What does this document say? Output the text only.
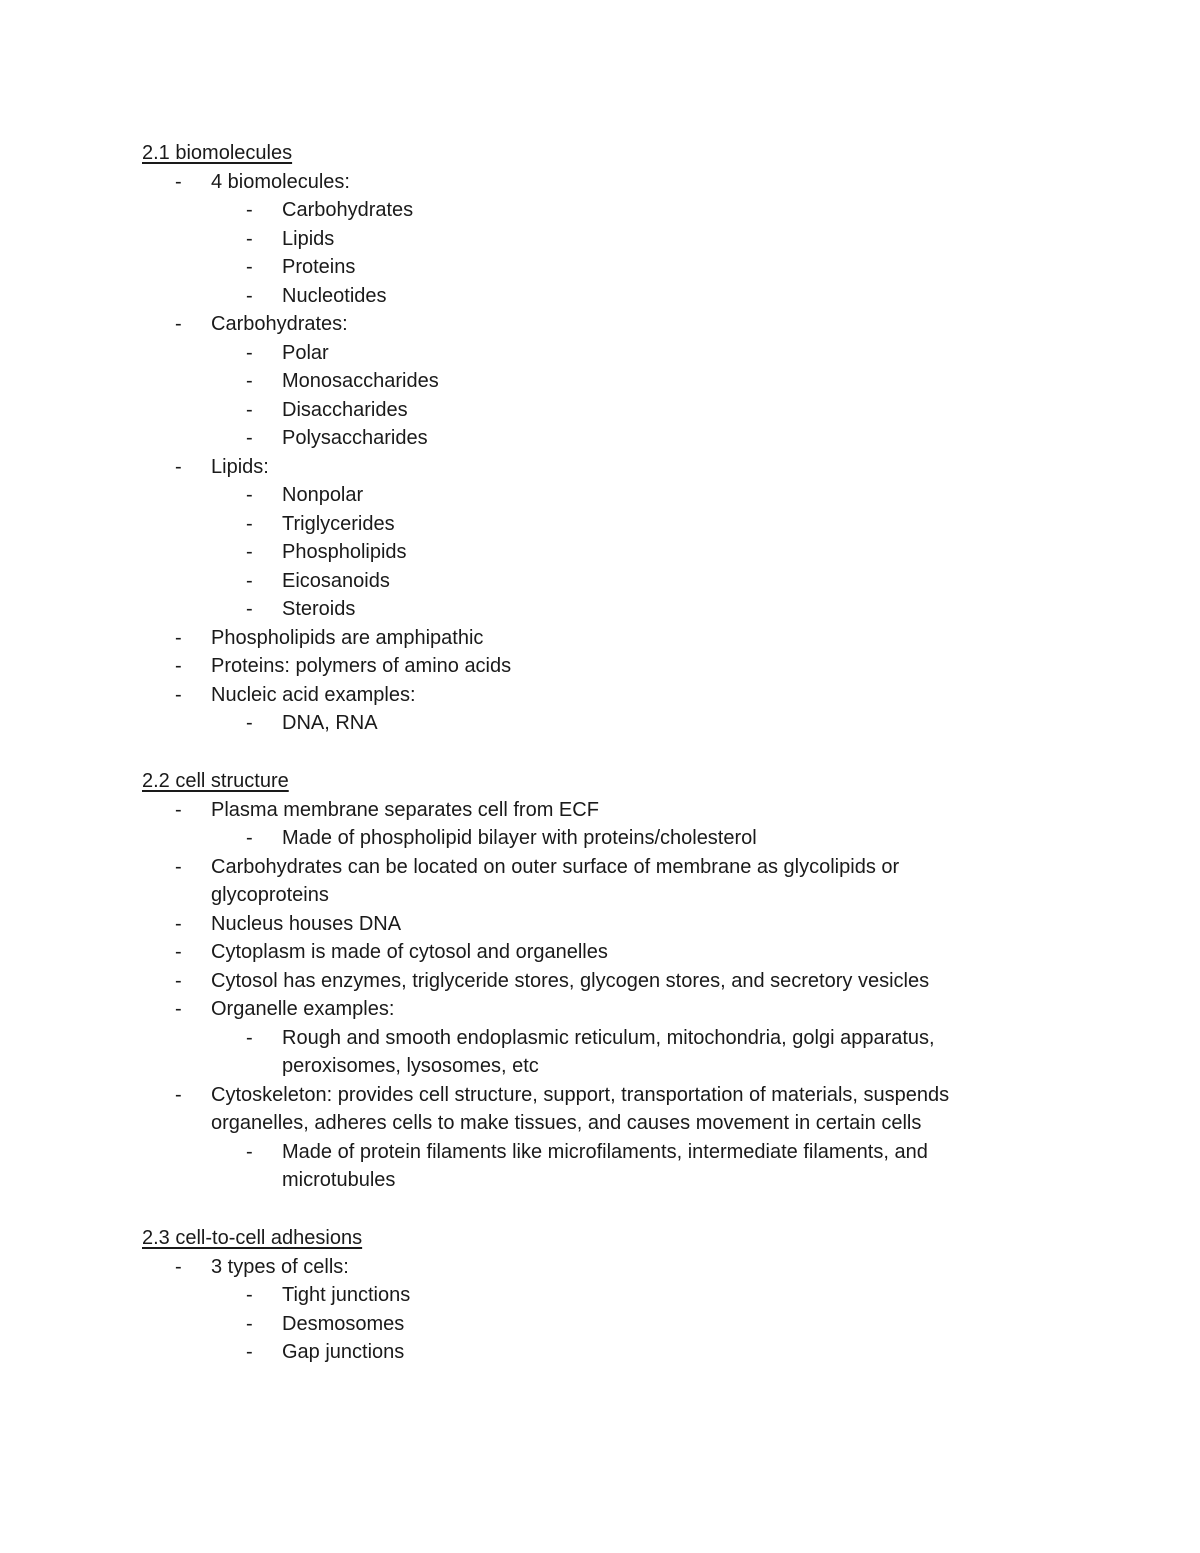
2.1 biomolecules
-	4 biomolecules:
-	Carbohydrates
-	Lipids
-	Proteins
-	Nucleotides
-	Carbohydrates:
-	Polar
-	Monosaccharides
-	Disaccharides
-	Polysaccharides
-	Lipids:
-	Nonpolar
-	Triglycerides
-	Phospholipids
-	Eicosanoids
-	Steroids
-	Phospholipids are amphipathic
-	Proteins: polymers of amino acids
-	Nucleic acid examples:
-	DNA, RNA
2.2 cell structure
-	Plasma membrane separates cell from ECF
-	Made of phospholipid bilayer with proteins/cholesterol
-	Carbohydrates can be located on outer surface of membrane as glycolipids or glycoproteins
-	Nucleus houses DNA
-	Cytoplasm is made of cytosol and organelles
-	Cytosol has enzymes, triglyceride stores, glycogen stores, and secretory vesicles
-	Organelle examples:
-	Rough and smooth endoplasmic reticulum, mitochondria, golgi apparatus, peroxisomes, lysosomes, etc
-	Cytoskeleton: provides cell structure, support, transportation of materials, suspends organelles, adheres cells to make tissues, and causes movement in certain cells
-	Made of protein filaments like microfilaments, intermediate filaments, and microtubules
2.3 cell-to-cell adhesions
-	3 types of cells:
-	Tight junctions
-	Desmosomes
-	Gap junctions
